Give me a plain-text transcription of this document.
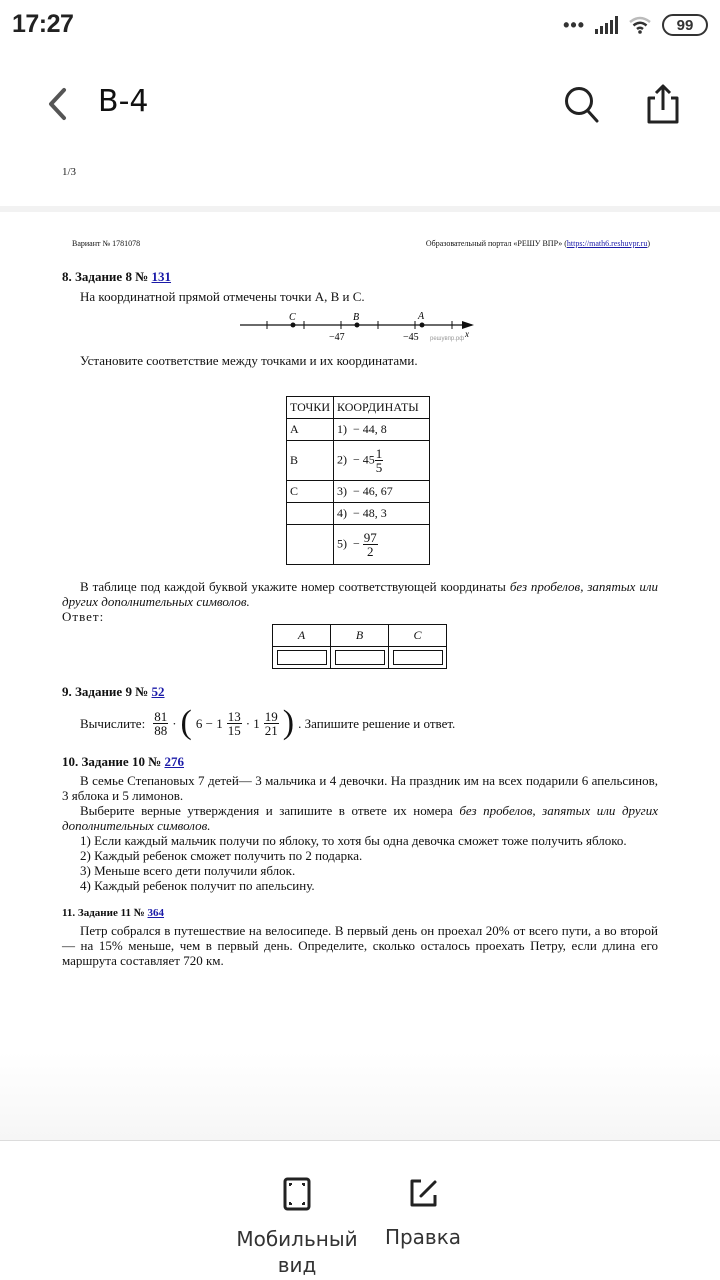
17:27	•••	99
В-4
1/3
Вариант № 1781078	Образовательный портал «РЕШУ ВПР» (https://math6.reshuvpr.ru)
8. Задание 8 № 131
На координатной прямой отмечены точки A, B и C.
C	B	A
−47	−45	x
решувпр.рф
Установите соответствие между точками и их координатами.
ТОЧКИ	КООРДИНАТЫ
A	1) − 44, 8
B	$2) - 45 \frac{1}{5}$

C	3) − 46, 67
	4) − 48, 3
	$5) - \frac{97}{2}$
В таблице под каждой буквой укажите номер соответствующей координаты без пробелов, запятых или других дополнительных символов.
Ответ:
A	B	C

9. Задание 9 № 52
Вычислите: $\frac{81}{88}$ · ( $6 - 1 \frac{13}{15} \cdot 1 \frac{19}{21}$ ) . Запишите решение и ответ.
10. Задание 10 № 276
В семье Степановых 7 детей— 3 мальчика и 4 девочки. На праздник им на всех подарили 6 апельсинов, 3 яблока и 5 лимонов.
Выберите верные утверждения и запишите в ответе их номера без пробелов, запятых или других дополнительных символов.
1) Если каждый мальчик получи по яблоку, то хотя бы одна девочка сможет тоже получить яблоко.
2) Каждый ребенок сможет получить по 2 подарка.
3) Меньше всего дети получили яблок.
4) Каждый ребенок получит по апельсину.
11. Задание 11 № 364
Петр собрался в путешествие на велосипеде. В первый день он проехал 20% от всего пути, а во второй— на 15% меньше, чем в первый день. Определите, сколько осталось проехать Петру, если длина его маршрута составляет 720 км.
Мобильный вид
Правка
